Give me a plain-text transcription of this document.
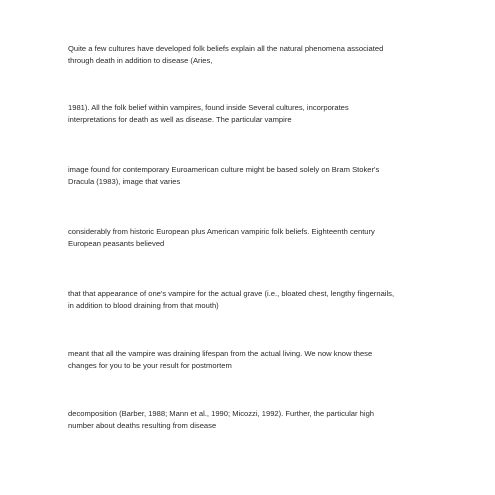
Quite a few cultures have developed folk beliefs explain all the natural phenomena associated
through death in addition to disease (Aries,

1981). All the folk belief within vampires, found inside Several cultures, incorporates
interpretations for death as well as disease. The particular vampire

image found for contemporary Euroamerican culture might be based solely on Bram Stoker's
Dracula (1983), image that varies

considerably from historic European plus American vampiric folk beliefs. Eighteenth century
European peasants believed

that that appearance of one's vampire for the actual grave (i.e., bloated chest, lengthy fingernails,
in addition to blood draining from that mouth)

meant that all the vampire was draining lifespan from the actual living. We now know these
changes for you to be your result for postmortem

decomposition (Barber, 1988; Mann et al., 1990; Micozzi, 1992). Further, the particular high
number about deaths resulting from disease
